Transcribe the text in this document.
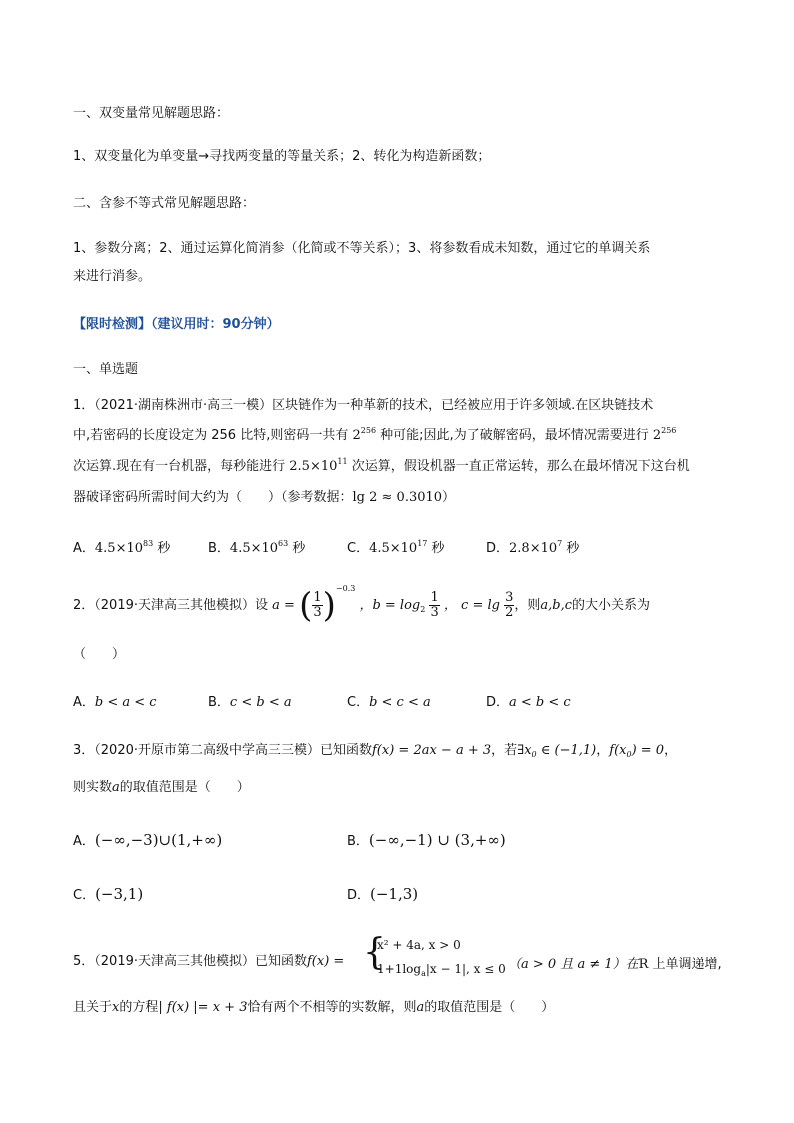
一、双变量常见解题思路：
1、双变量化为单变量→寻找两变量的等量关系；2、转化为构造新函数；
二、含参不等式常见解题思路：
1、参数分离；2、通过运算化简消参（化简或不等关系）；3、将参数看成未知数，通过它的单调关系
来进行消参。
【限时检测】（建议用时：90分钟）
一、单选题
1．（2021·湖南株洲市·高三一模）区块链作为一种革新的技术，已经被应用于许多领域.在区块链技术
中,若密码的长度设定为 256 比特,则密码一共有 $2^{256}$ 种可能;因此,为了破解密码，最坏情况需要进行 $2^{256}$
次运算.现在有一台机器，每秒能进行 $2.5\times 10^{11}$ 次运算，假设机器一直正常运转，那么在最坏情况下这台机
器破译密码所需时间大约为（　　）（参考数据：lg 2 ≈ 0.3010）
A．$4.5\times 10^{83}$ 秒	B．$4.5\times 10^{63}$ 秒	C．$4.5\times 10^{17}$ 秒	D．$2.8\times 10^7$ 秒
2．（2019·天津高三其他模拟）设 a = ( $\frac{1}{3} )^{-0.3}$ ，$b = \log_2 \frac{1}{3}$ ， $c = \lg \frac{3}{2}$ ，则a,b,c的大小关系为
（　　）
A．b < a < c	B．c < b < a	C．b < c < a	D．a < b < c
3．（2020·开原市第二高级中学高三三模）已知函数f(x) = 2ax − a + 3，若$\exists x_0$ ∈ (−1,1)，$f(x_0) = 0$，
则实数a的取值范围是（　　）
A．(−∞,−3)∪(1,+∞)	B．(−∞,−1) ∪ (3,+∞)
C．(−3,1)	D．(−1,3)
5．（2019·天津高三其他模拟）已知函数f(x) = {
x² + 4a, x > 0
$1+1\log_a|x - 1|$, x ≤ 0 （a > 0 且 a ≠ 1）在R 上单调递增,
且关于x的方程| f(x) |= x + 3恰有两个不相等的实数解，则a的取值范围是（　　）
